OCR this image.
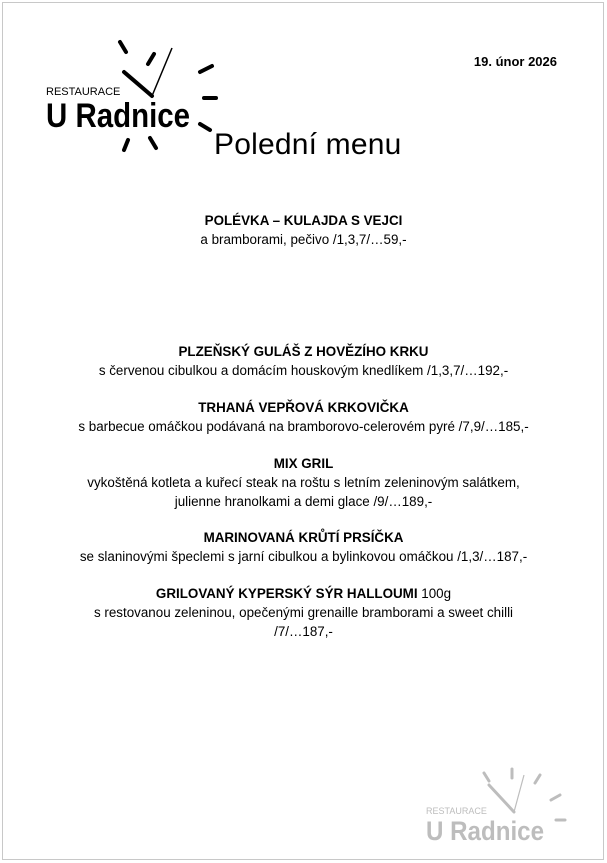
RESTAURACE
U Radnice
19. únor 2026
Polední menu
POLÉVKA – KULAJDA S VEJCI
a bramborami, pečivo /1,3,7/…59,-
PLZEŇSKÝ GULÁŠ Z HOVĚZÍHO KRKU
s červenou cibulkou a domácím houskovým knedlíkem /1,3,7/…192,-
TRHANÁ VEPŘOVÁ KRKOVIČKA
s barbecue omáčkou podávaná na bramborovo-celerovém pyré /7,9/…185,-
MIX GRIL
vykoštěná kotleta a kuřecí steak na roštu s letním zeleninovým salátkem,
julienne hranolkami a demi glace /9/…189,-
MARINOVANÁ KRŮTÍ PRSÍČKA
se slaninovými špeclemi s jarní cibulkou a bylinkovou omáčkou /1,3/…187,-
GRILOVANÝ KYPERSKÝ SÝR HALLOUMI 100g
s restovanou zeleninou, opečenými grenaille bramborami a sweet chilli
/7/…187,-
RESTAURACE
U Radnice
